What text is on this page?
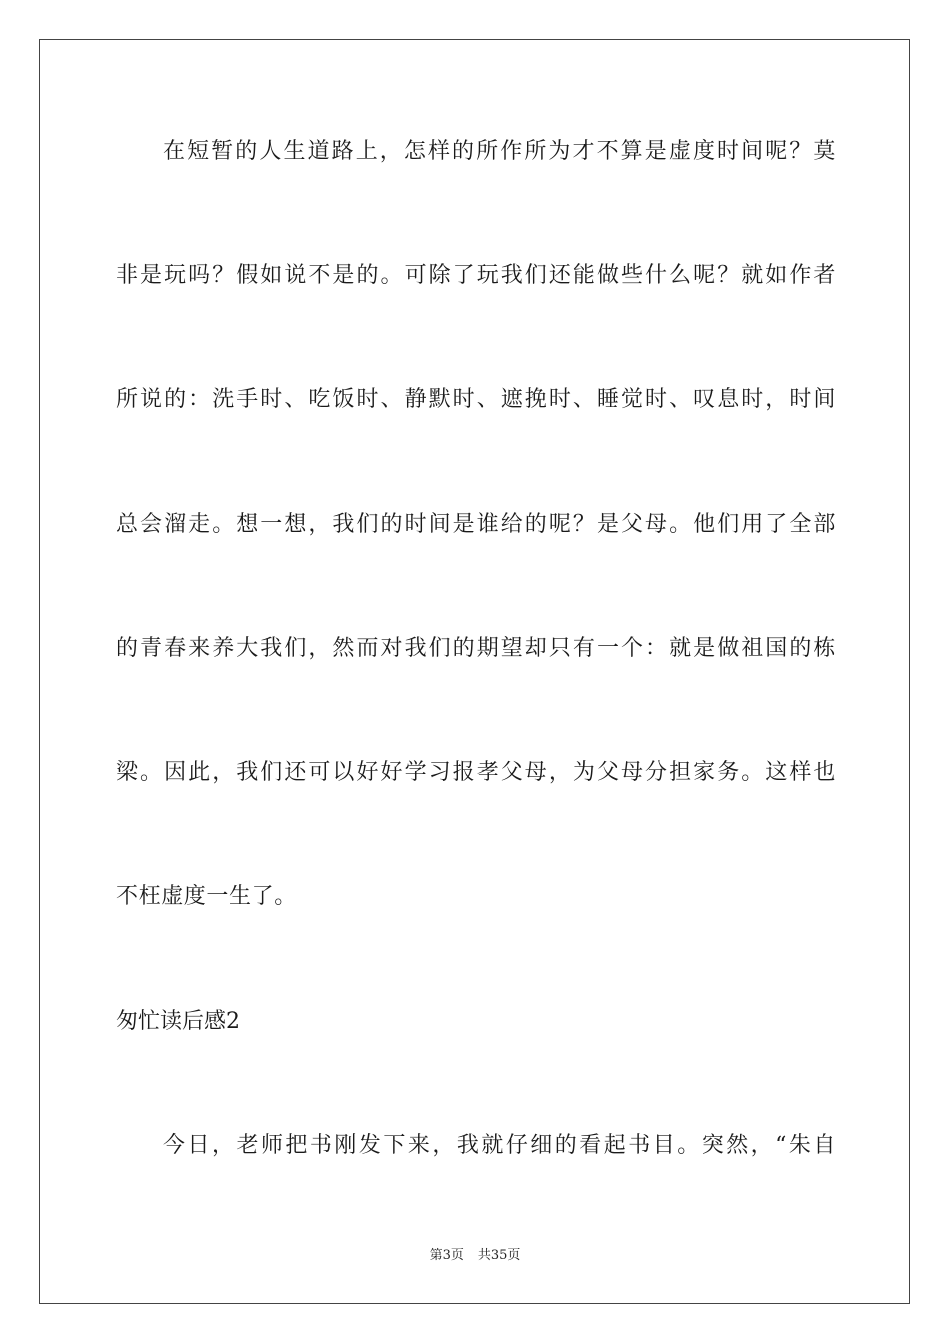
在短暂的人生道路上，怎样的所作所为才不算是虚度时间呢？莫
非是玩吗？假如说不是的。可除了玩我们还能做些什么呢？就如作者
所说的：洗手时、吃饭时、静默时、遮挽时、睡觉时、叹息时，时间
总会溜走。想一想，我们的时间是谁给的呢？是父母。他们用了全部
的青春来养大我们，然而对我们的期望却只有一个：就是做祖国的栋
梁。因此，我们还可以好好学习报孝父母，为父母分担家务。这样也
不枉虚度一生了。
匆忙读后感2
今日，老师把书刚发下来，我就仔细的看起书目。突然，“朱自
第3页 共35页
